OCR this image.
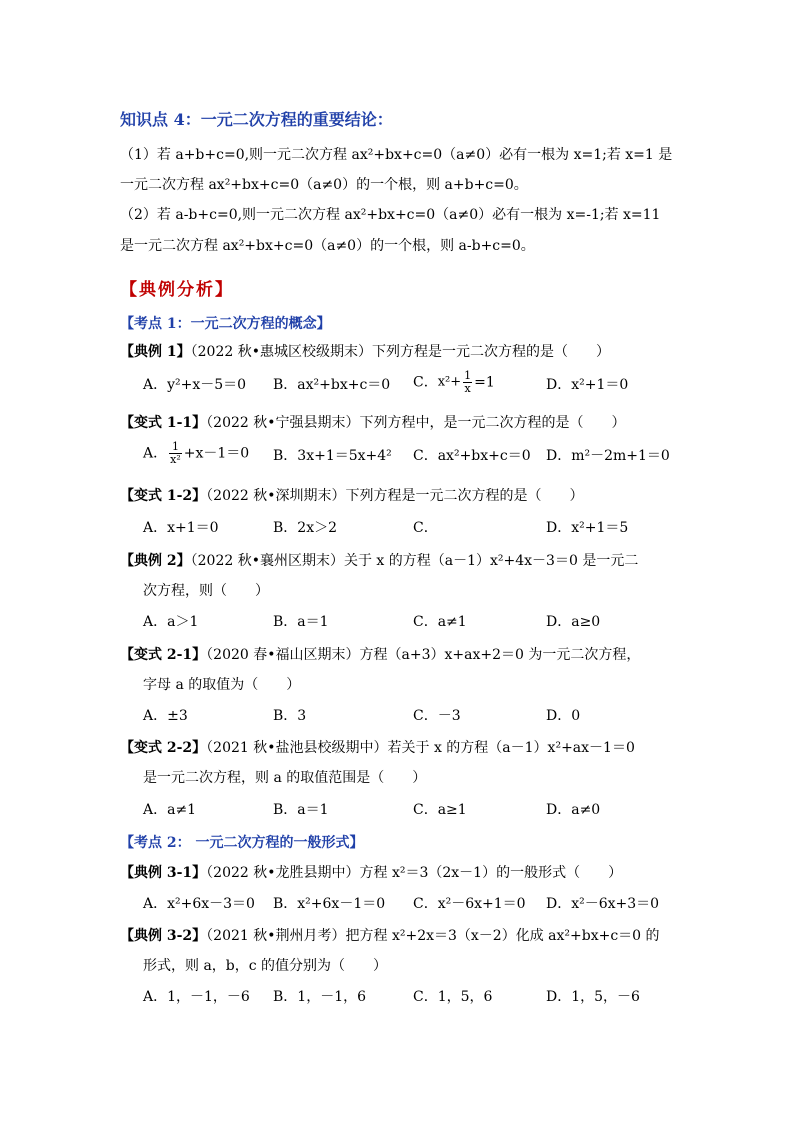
知识点 4：一元二次方程的重要结论：
（1）若 a+b+c=0,则一元二次方程 ax²+bx+c=0（a≠0）必有一根为 x=1;若 x=1 是
一元二次方程 ax²+bx+c=0（a≠0）的一个根，则 a+b+c=0。
（2）若 a-b+c=0,则一元二次方程 ax²+bx+c=0（a≠0）必有一根为 x=-1;若 x=11
是一元二次方程 ax²+bx+c=0（a≠0）的一个根，则 a-b+c=0。
【典例分析】
【考点 1：一元二次方程的概念】
【典例 1】（2022 秋•惠城区校级期末）下列方程是一元二次方程的是（　　）
A．y²+x－5＝0 B．ax²+bx+c＝0 C．$x^2+ \frac{1}{x} =1$	D．x²+1＝0
【变式 1-1】（2022 秋•宁强县期末）下列方程中，是一元二次方程的是（　　）
A． $\frac{1}{\text{x²}} +x-1=0$ B．3x+1＝5x+4² C．ax²+bx+c＝0 D．m²－2m+1＝0
【变式 1-2】（2022 秋•深圳期末）下列方程是一元二次方程的是（　　）
A．x+1＝0	B．2x＞2	C．	D．x²+1＝5
【典例 2】（2022 秋•襄州区期末）关于 x 的方程（a－1）x²+4x－3＝0 是一元二
次方程，则（　　）
A．a＞1	B．a＝1	C．a≠1	D．a≥0
【变式 2-1】（2020 春•福山区期末）方程（a+3）x+ax+2＝0 为一元二次方程，
字母 a 的取值为（　　）
A．±3	B．3	C．－3	D．0
【变式 2-2】（2021 秋•盐池县校级期中）若关于 x 的方程（a－1）x²+ax－1＝0
是一元二次方程，则 a 的取值范围是（　　）
A．a≠1	B．a＝1	C．a≥1	D．a≠0
【考点 2： 一元二次方程的一般形式】
【典例 3-1】（2022 秋•龙胜县期中）方程 x²＝3（2x－1）的一般形式（　　）
A．x²+6x－3＝0 B．x²+6x－1＝0 C．x²－6x+1＝0 D．x²－6x+3＝0
【典例 3-2】（2021 秋•荆州月考）把方程 x²+2x＝3（x－2）化成 ax²+bx+c＝0 的
形式，则 a，b，c 的值分别为（　　）
A．1，－1，－6 B．1，－1，6	C．1，5，6	D．1，5，－6
